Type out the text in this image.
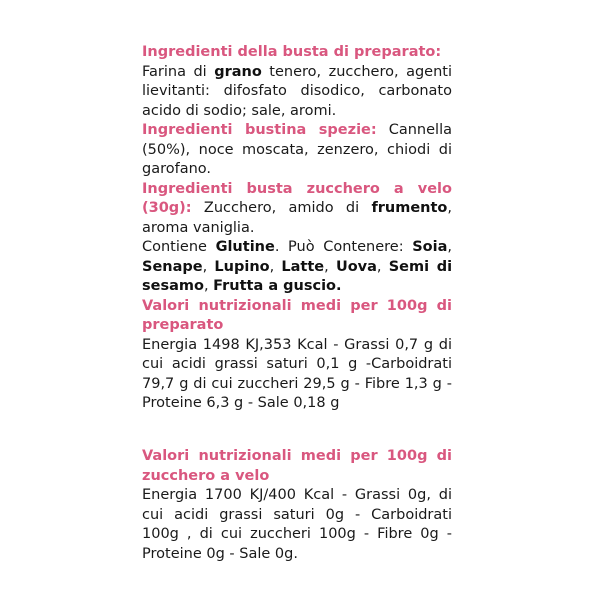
Ingredienti della busta di preparato:
Farina di grano tenero, zucchero, agenti lievitanti: difosfato disodico, carbonato acido di sodio; sale, aromi.
Ingredienti bustina spezie: Cannella (50%), noce moscata, zenzero, chiodi di garofano.
Ingredienti busta zucchero a velo (30g): Zucchero, amido di frumento, aroma vaniglia.
Contiene Glutine. Può Contenere: Soia, Senape, Lupino, Latte, Uova, Semi di sesamo, Frutta a guscio.
Valori nutrizionali medi per 100g di preparato
Energia 1498 KJ,353 Kcal - Grassi 0,7 g di cui acidi grassi saturi 0,1 g -Carboidrati 79,7 g di cui zuccheri 29,5 g - Fibre 1,3 g - Proteine 6,3 g - Sale 0,18 g
Valori nutrizionali medi per 100g di zucchero a velo
Energia 1700 KJ/400 Kcal - Grassi 0g, di cui acidi grassi saturi 0g - Carboidrati 100g , di cui zuccheri 100g - Fibre 0g - Proteine 0g - Sale 0g.
